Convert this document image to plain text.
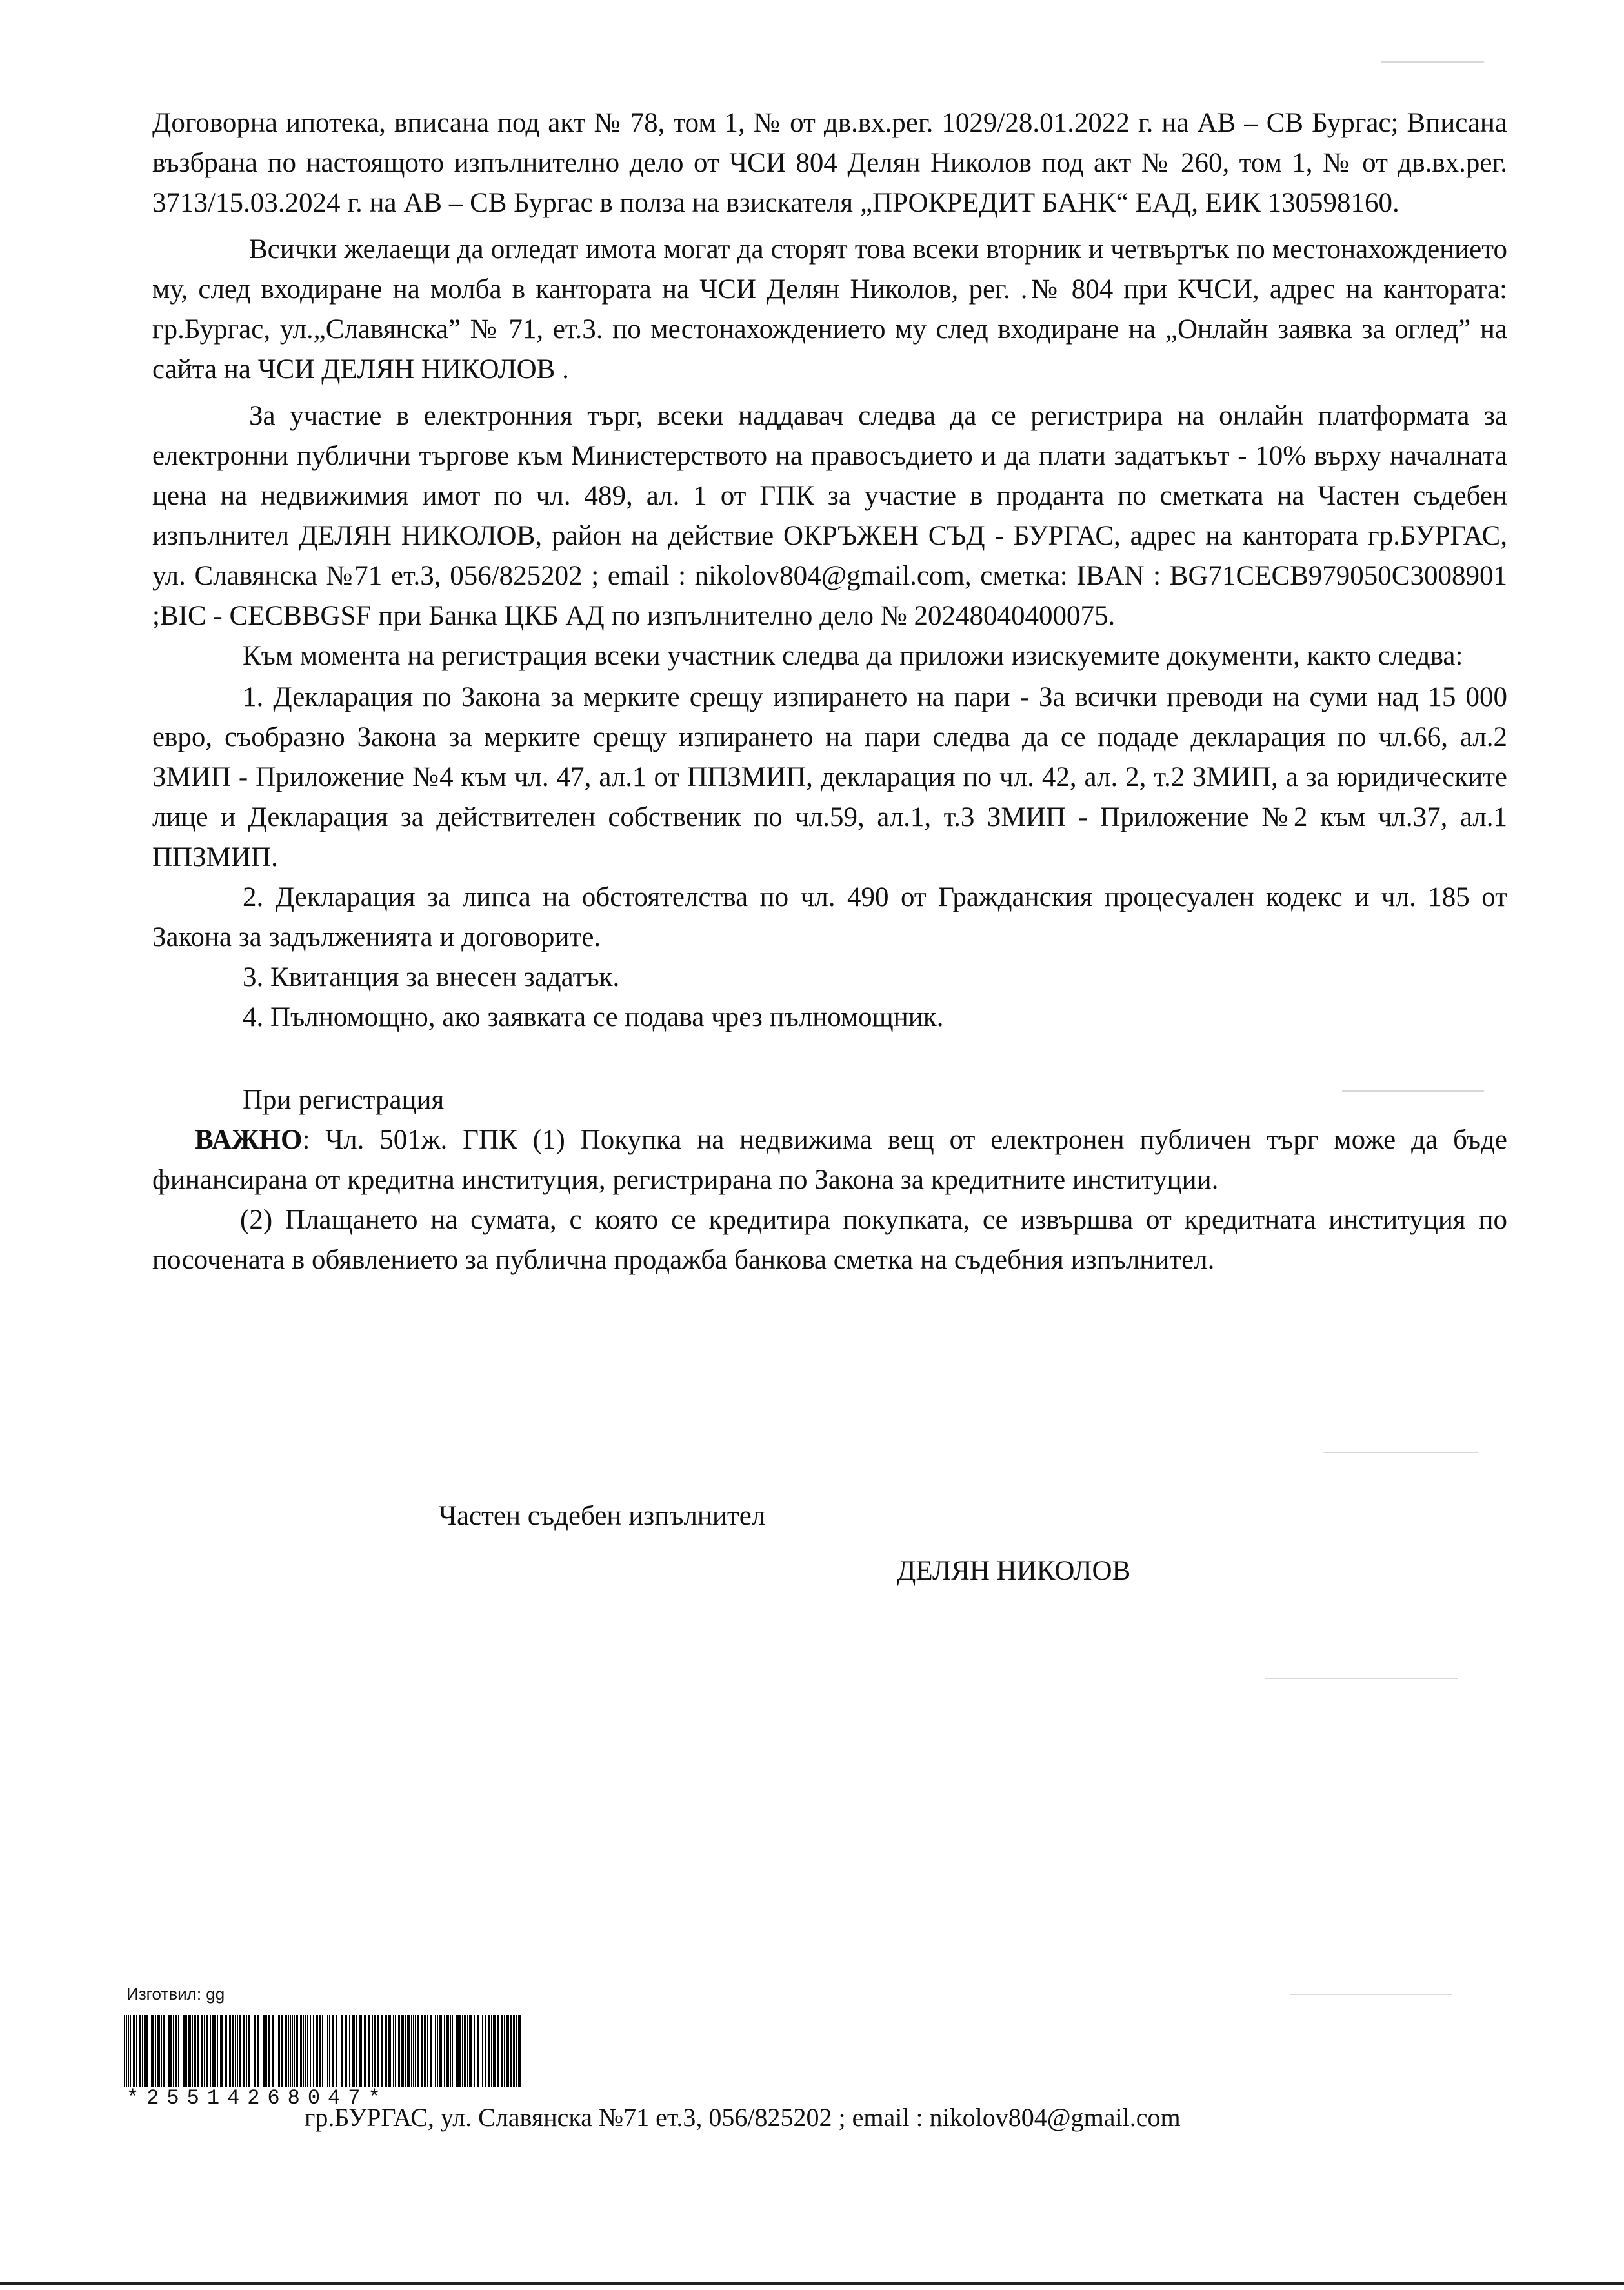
Договорна ипотека, вписана под акт № 78, том 1, № от дв.вх.рег. 1029/28.01.2022 г. на АВ – СВ Бургас; Вписана възбрана по настоящото изпълнително дело от ЧСИ 804 Делян Николов под акт № 260, том 1, № от дв.вх.рег. 3713/15.03.2024 г. на АВ – СВ Бургас в полза на взискателя „ПРОКРЕДИТ БАНК“ ЕАД, ЕИК 130598160.

Всички желаещи да огледат имота могат да сторят това всеки вторник и четвъртък по местонахождението му, след входиране на молба в канторатa на ЧСИ Делян Николов, рег. .№ 804 при КЧСИ, адрес на кантората: гр.Бургас, ул.„Славянска” № 71, ет.3. по местонахождението му след входиране на „Онлайн заявка за оглед” на сайта на ЧСИ ДЕЛЯН НИКОЛОВ .

За участие в електронния търг, всеки наддавач следва да се регистрира на онлайн платформата за електронни публични търгове към Министерството на правосъдието и да плати задатъкът - 10% върху началната цена на недвижимия имот по чл. 489, ал. 1 от ГПК за участие в проданта по сметката на Частен съдебен изпълнител ДЕЛЯН НИКОЛОВ, район на действие ОКРЪЖЕН СЪД - БУРГАС, адрес на кантората гр.БУРГАС, ул. Славянска №71 ет.3, 056/825202 ; email : nikolov804@gmail.com, сметка: IBAN : BG71CECB979050C3008901 ;BIC - CECBBGSF при Банка ЦКБ АД по изпълнително дело № 20248040400075.

Към момента на регистрация всеки участник следва да приложи изискуемите документи, както следва:

1. Декларация по Закона за мерките срещу изпирането на пари - За всички преводи на суми над 15 000 евро, съобразно Закона за мерките срещу изпирането на пари следва да се подаде декларация по чл.66, ал.2 ЗМИП - Приложение №4 към чл. 47, ал.1 от ППЗМИП, декларация по чл. 42, ал. 2, т.2 ЗМИП, а за юридическите лице и Декларация за действителен собственик по чл.59, ал.1, т.3 ЗМИП - Приложение №2 към чл.37, ал.1 ППЗМИП.

2. Декларация за липса на обстоятелства по чл. 490 от Гражданския процесуален кодекс и чл. 185 от Закона за задълженията и договорите.

3. Квитанция за внесен задатък.

4. Пълномощно, ако заявката се подава чрез пълномощник.

При регистрация

ВАЖНО: Чл. 501ж. ГПК (1) Покупка на недвижима вещ от електронен публичен търг може да бъде финансирана от кредитна институция, регистрирана по Закона за кредитните институции.

(2) Плащането на сумата, с която се кредитира покупката, се извършва от кредитната институция по посочената в обявлението за публична продажба банкова сметка на съдебния изпълнител.

Частен съдебен изпълнител
ДЕЛЯН НИКОЛОВ
Изготвил: gg
*25514268047*
гр.БУРГАС, ул. Славянска №71 ет.3, 056/825202 ; email : nikolov804@gmail.com
